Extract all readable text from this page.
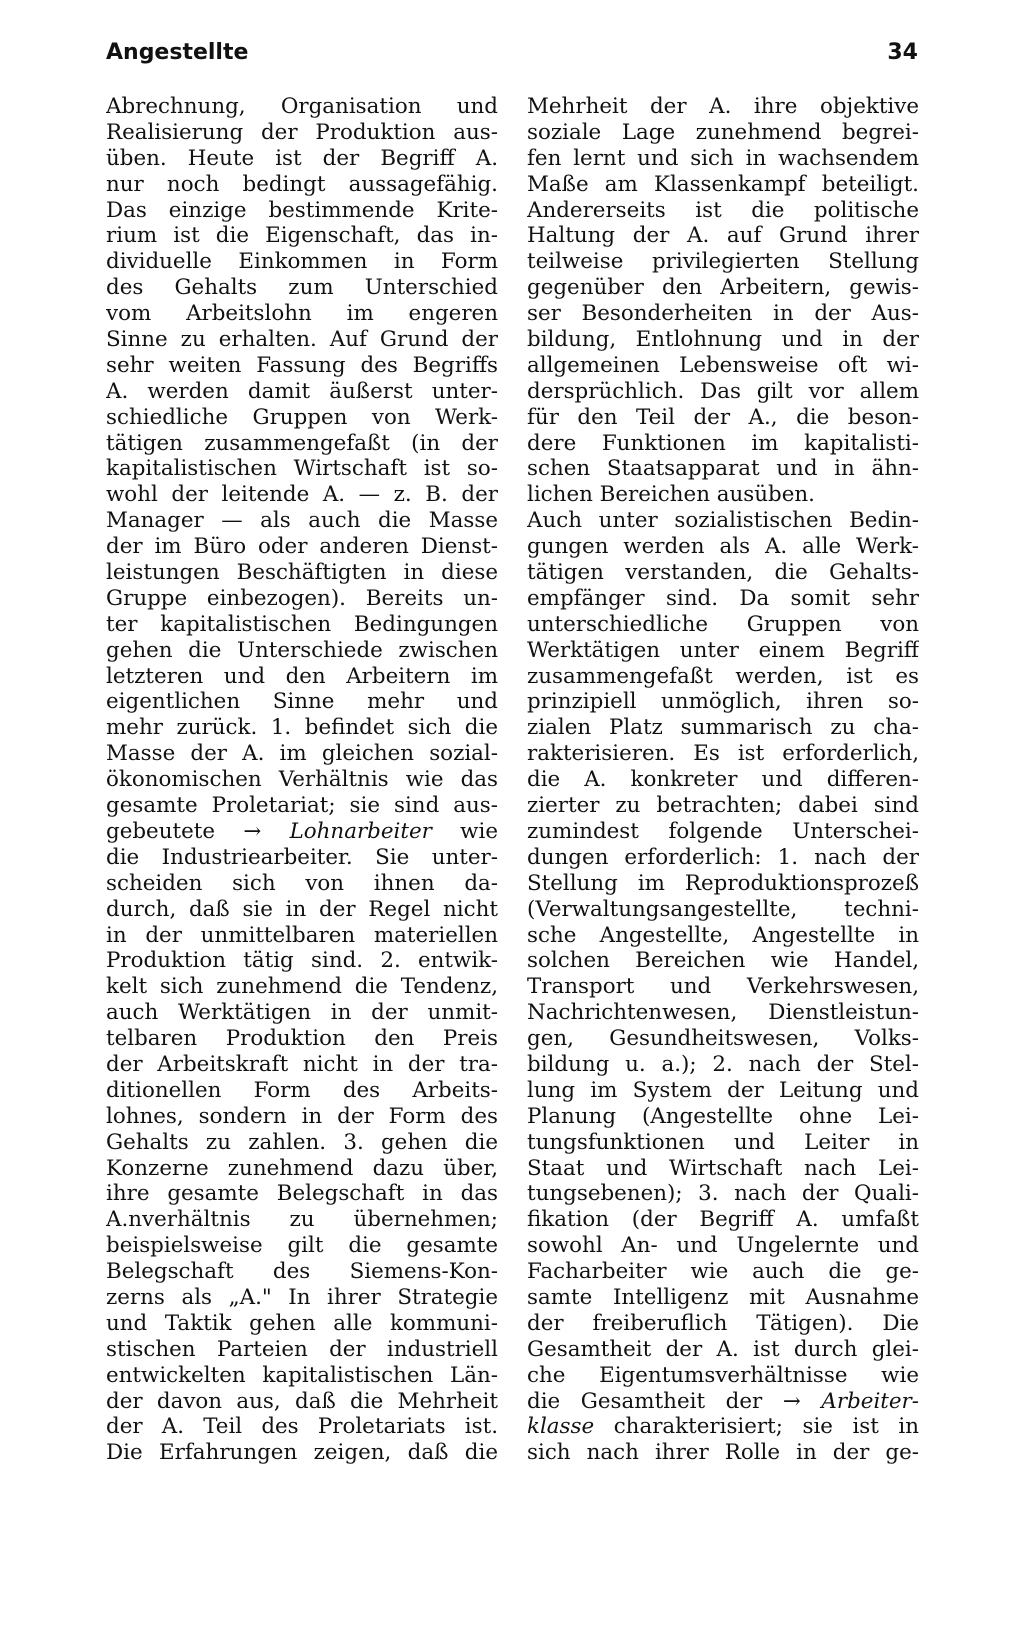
Angestellte	34
Abrechnung, Organisation und
Realisierung der Produktion aus-
üben. Heute ist der Begriff A.
nur noch bedingt aussagefähig.
Das einzige bestimmende Krite-
rium ist die Eigenschaft, das in-
dividuelle Einkommen in Form
des Gehalts zum Unterschied
vom Arbeitslohn im engeren
Sinne zu erhalten. Auf Grund der
sehr weiten Fassung des Begriffs
A. werden damit äußerst unter-
schiedliche Gruppen von Werk-
tätigen zusammengefaßt (in der
kapitalistischen Wirtschaft ist so-
wohl der leitende A. — z. B. der
Manager — als auch die Masse
der im Büro oder anderen Dienst-
leistungen Beschäftigten in diese
Gruppe einbezogen). Bereits un-
ter kapitalistischen Bedingungen
gehen die Unterschiede zwischen
letzteren und den Arbeitern im
eigentlichen Sinne mehr und
mehr zurück. 1. befindet sich die
Masse der A. im gleichen sozial-
ökonomischen Verhältnis wie das
gesamte Proletariat; sie sind aus-
gebeutete → Lohnarbeiter wie
die Industriearbeiter. Sie unter-
scheiden sich von ihnen da-
durch, daß sie in der Regel nicht
in der unmittelbaren materiellen
Produktion tätig sind. 2. entwik-
kelt sich zunehmend die Tendenz,
auch Werktätigen in der unmit-
telbaren Produktion den Preis
der Arbeitskraft nicht in der tra-
ditionellen Form des Arbeits-
lohnes, sondern in der Form des
Gehalts zu zahlen. 3. gehen die
Konzerne zunehmend dazu über,
ihre gesamte Belegschaft in das
A.nverhältnis zu übernehmen;
beispielsweise gilt die gesamte
Belegschaft des Siemens-Kon-
zerns als „A." In ihrer Strategie
und Taktik gehen alle kommuni-
stischen Parteien der industriell
entwickelten kapitalistischen Län-
der davon aus, daß die Mehrheit
der A. Teil des Proletariats ist.
Die Erfahrungen zeigen, daß die
Mehrheit der A. ihre objektive
soziale Lage zunehmend begrei-
fen lernt und sich in wachsendem
Maße am Klassenkampf beteiligt.
Andererseits ist die politische
Haltung der A. auf Grund ihrer
teilweise privilegierten Stellung
gegenüber den Arbeitern, gewis-
ser Besonderheiten in der Aus-
bildung, Entlohnung und in der
allgemeinen Lebensweise oft wi-
dersprüchlich. Das gilt vor allem
für den Teil der A., die beson-
dere Funktionen im kapitalisti-
schen Staatsapparat und in ähn-
lichen Bereichen ausüben.
Auch unter sozialistischen Bedin-
gungen werden als A. alle Werk-
tätigen verstanden, die Gehalts-
empfänger sind. Da somit sehr
unterschiedliche Gruppen von
Werktätigen unter einem Begriff
zusammengefaßt werden, ist es
prinzipiell unmöglich, ihren so-
zialen Platz summarisch zu cha-
rakterisieren. Es ist erforderlich,
die A. konkreter und differen-
zierter zu betrachten; dabei sind
zumindest folgende Unterschei-
dungen erforderlich: 1. nach der
Stellung im Reproduktionsprozeß
(Verwaltungsangestellte, techni-
sche Angestellte, Angestellte in
solchen Bereichen wie Handel,
Transport und Verkehrswesen,
Nachrichtenwesen, Dienstleistun-
gen, Gesundheitswesen, Volks-
bildung u. a.); 2. nach der Stel-
lung im System der Leitung und
Planung (Angestellte ohne Lei-
tungsfunktionen und Leiter in
Staat und Wirtschaft nach Lei-
tungsebenen); 3. nach der Quali-
fikation (der Begriff A. umfaßt
sowohl An- und Ungelernte und
Facharbeiter wie auch die ge-
samte Intelligenz mit Ausnahme
der freiberuflich Tätigen). Die
Gesamtheit der A. ist durch glei-
che Eigentumsverhältnisse wie
die Gesamtheit der → Arbeiter-
klasse charakterisiert; sie ist in
sich nach ihrer Rolle in der ge-
